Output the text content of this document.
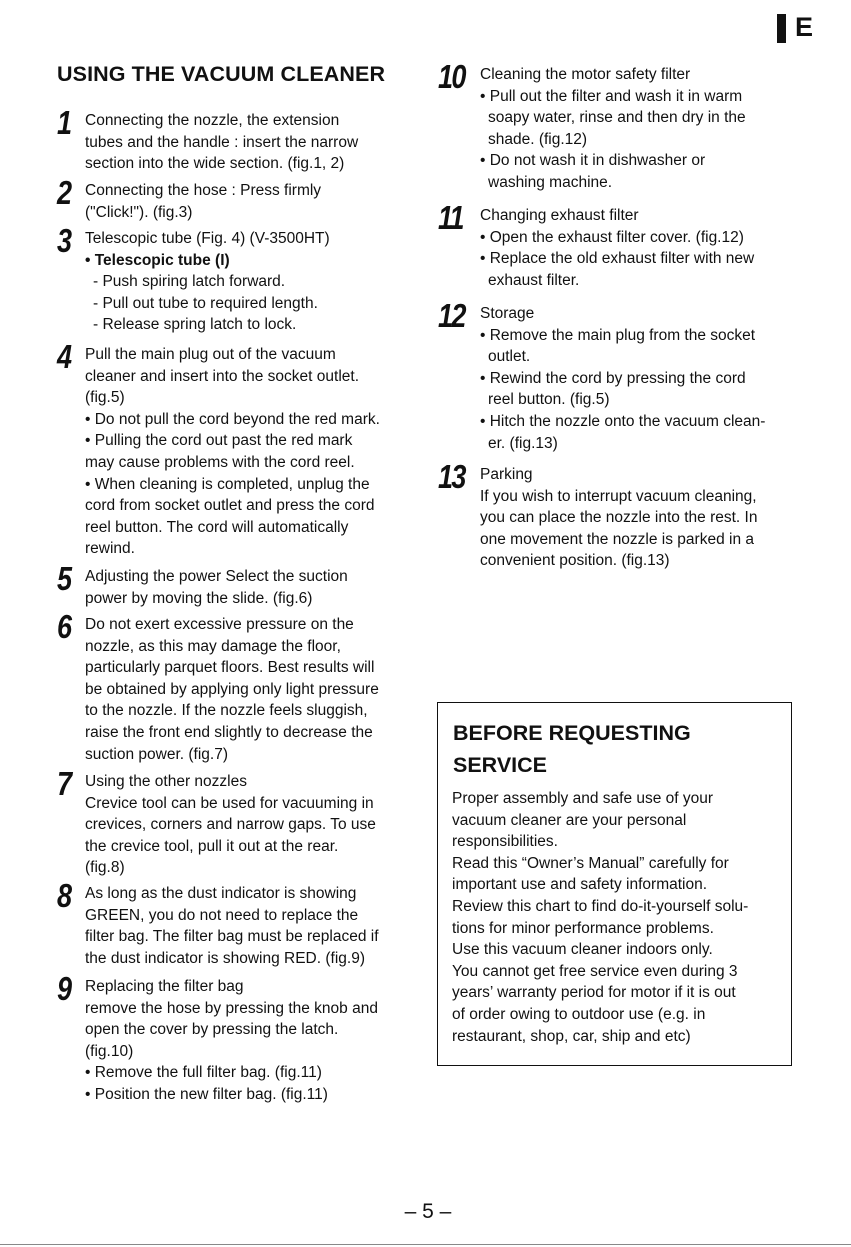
E
USING THE VACUUM CLEANER
1 Connecting the nozzle, the extension
tubes and the handle : insert the narrow
section into the wide section. (fig.1, 2)
2 Connecting the hose : Press firmly
("Click!"). (fig.3)
3 Telescopic tube (Fig. 4) (V-3500HT)
• Telescopic tube (I)
- Push spiring latch forward.
- Pull out tube to required length.
- Release spring latch to lock.
4 Pull the main plug out of the vacuum
cleaner and insert into the socket outlet.
(fig.5)
• Do not pull the cord beyond the red mark.
• Pulling the cord out past the red mark
may cause problems with the cord reel.
• When cleaning is completed, unplug the
cord from socket outlet and press the cord
reel button. The cord will automatically
rewind.
5 Adjusting the power Select the suction
power by moving the slide. (fig.6)
6 Do not exert excessive pressure on the
nozzle, as this may damage the floor,
particularly parquet floors. Best results will
be obtained by applying only light pressure
to the nozzle. If the nozzle feels sluggish,
raise the front end slightly to decrease the
suction power. (fig.7)
7 Using the other nozzles
Crevice tool can be used for vacuuming in
crevices, corners and narrow gaps. To use
the crevice tool, pull it out at the rear.
(fig.8)
8 As long as the dust indicator is showing
GREEN, you do not need to replace the
filter bag. The filter bag must be replaced if
the dust indicator is showing RED. (fig.9)
9 Replacing the filter bag
remove the hose by pressing the knob and
open the cover by pressing the latch.
(fig.10)
• Remove the full filter bag. (fig.11)
• Position the new filter bag. (fig.11)
10 Cleaning the motor safety filter
• Pull out the filter and wash it in warm
soapy water, rinse and then dry in the
shade. (fig.12)
• Do not wash it in dishwasher or
washing machine.
11 Changing exhaust filter
• Open the exhaust filter cover. (fig.12)
• Replace the old exhaust filter with new
exhaust filter.
12 Storage
• Remove the main plug from the socket
outlet.
• Rewind the cord by pressing the cord
reel button. (fig.5)
• Hitch the nozzle onto the vacuum clean-
er. (fig.13)
13 Parking
If you wish to interrupt vacuum cleaning,
you can place the nozzle into the rest. In
one movement the nozzle is parked in a
convenient position. (fig.13)
BEFORE REQUESTING
SERVICE
Proper assembly and safe use of your
vacuum cleaner are your personal
responsibilities.
Read this “Owner’s Manual” carefully for
important use and safety information.
Review this chart to find do-it-yourself solu-
tions for minor performance problems.
Use this vacuum cleaner indoors only.
You cannot get free service even during 3
years’ warranty period for motor if it is out
of order owing to outdoor use (e.g. in
restaurant, shop, car, ship and etc)
– 5 –
